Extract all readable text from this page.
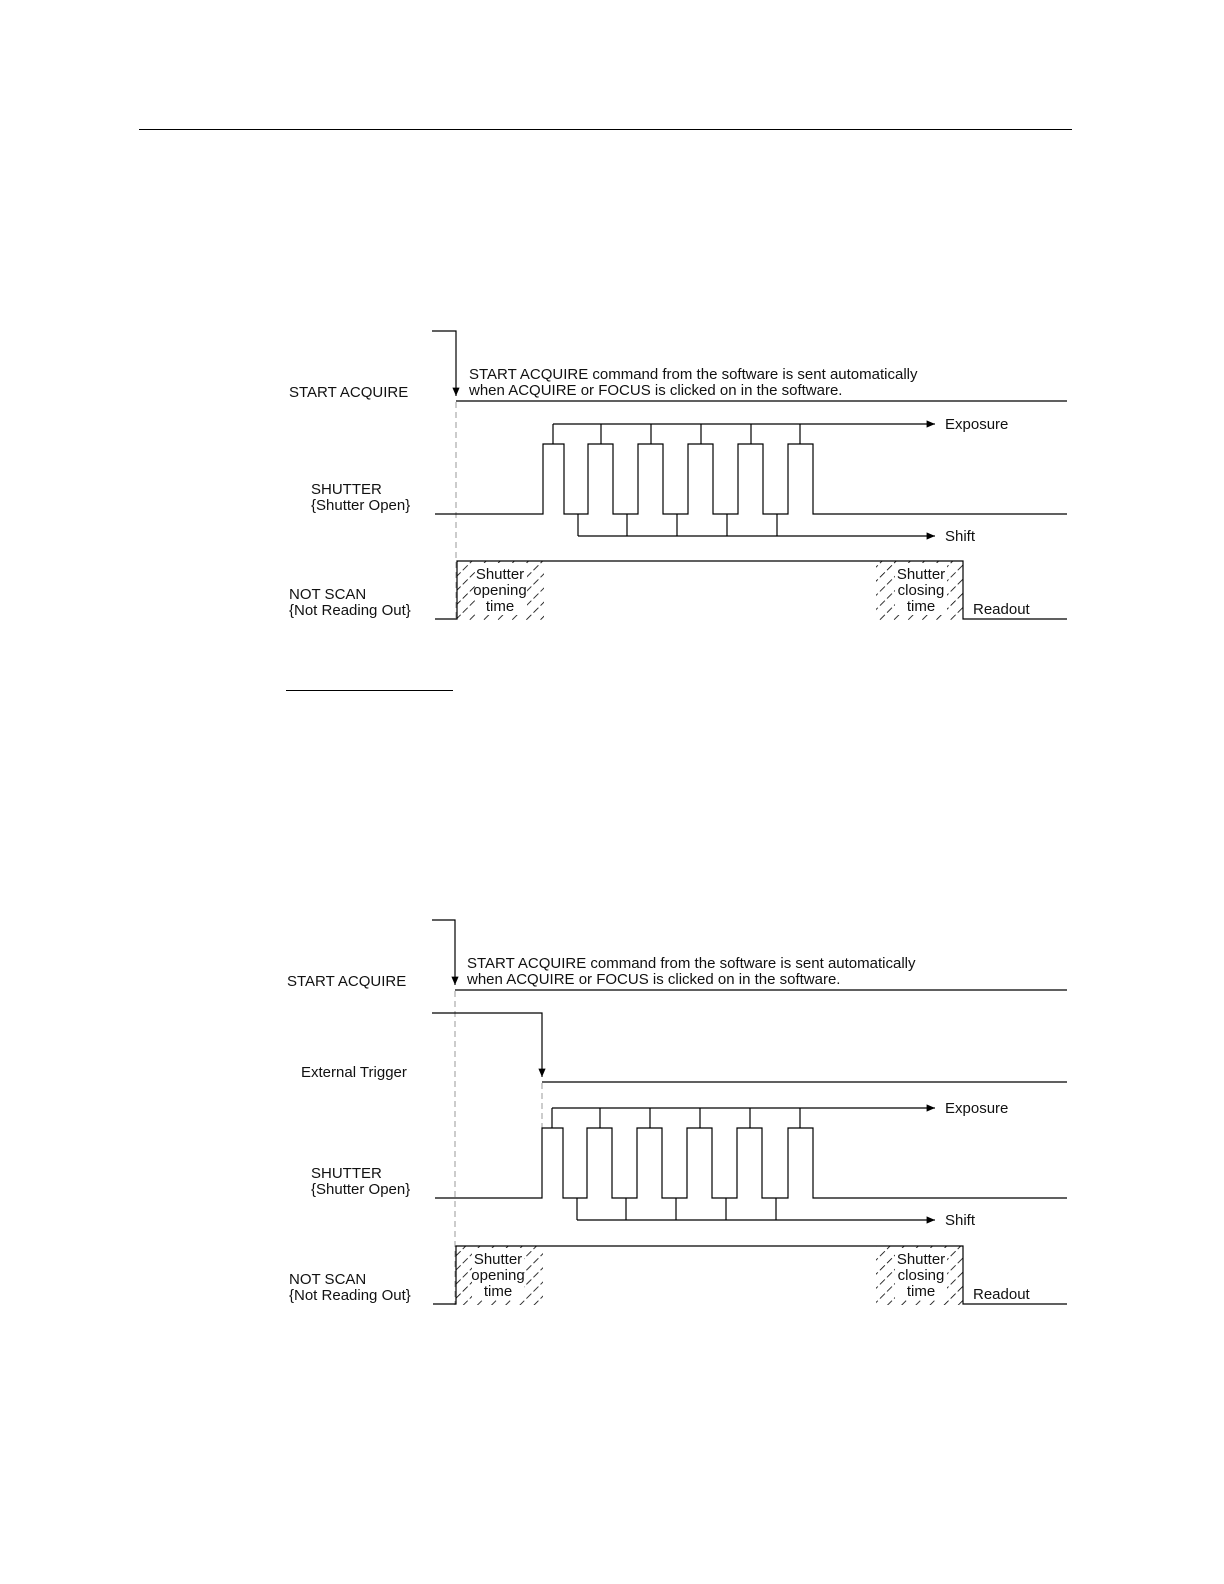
START ACQUIRE
START ACQUIRE command from the software is sent automatically
when ACQUIRE or FOCUS is clicked on in the software.
Exposure
Shift
SHUTTER
{Shutter Open}
Shutter
opening
time
Shutter
closing
time	Readout
NOT SCAN
{Not Reading Out}
START ACQUIRE
START ACQUIRE command from the software is sent automatically
when ACQUIRE or FOCUS is clicked on in the software.
External Trigger
Exposure
Shift
SHUTTER
{Shutter Open}
Shutter
opening
time
Shutter
closing
time	Readout
NOT SCAN
{Not Reading Out}
